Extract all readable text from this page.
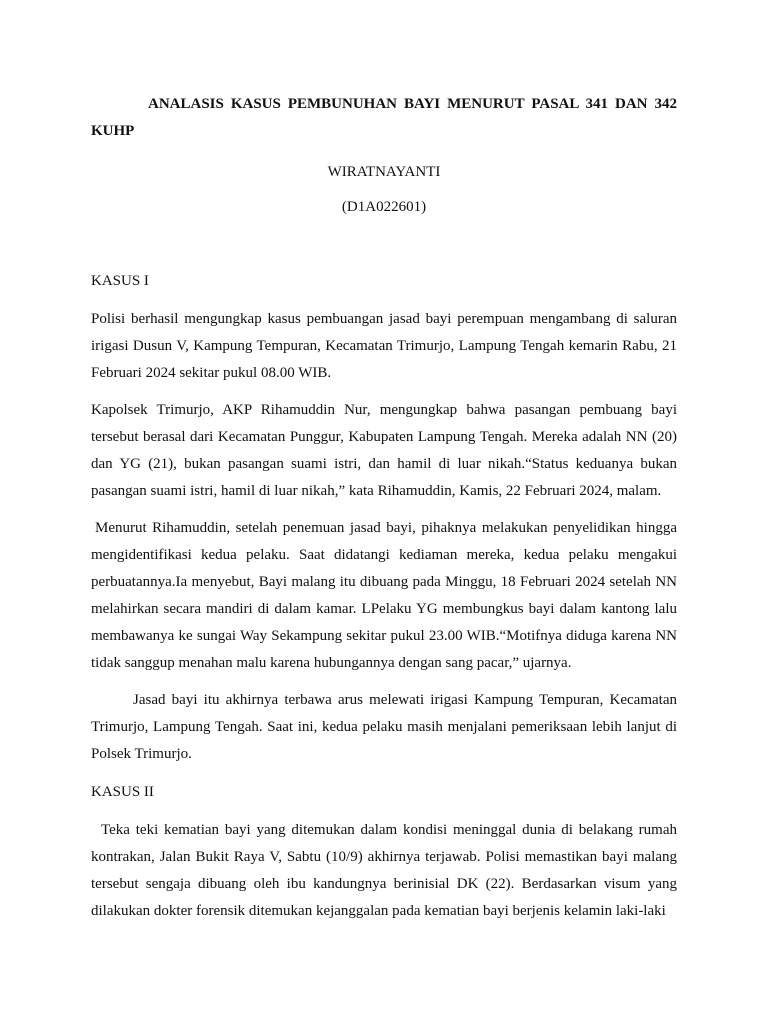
ANALASIS KASUS PEMBUNUHAN BAYI MENURUT PASAL 341 DAN 342 KUHP

WIRATNAYANTI

(D1A022601)

KASUS I

Polisi berhasil mengungkap kasus pembuangan jasad bayi perempuan mengambang di saluran irigasi Dusun V, Kampung Tempuran, Kecamatan Trimurjo, Lampung Tengah kemarin Rabu, 21 Februari 2024 sekitar pukul 08.00 WIB.

Kapolsek Trimurjo, AKP Rihamuddin Nur, mengungkap bahwa pasangan pembuang bayi tersebut berasal dari Kecamatan Punggur, Kabupaten Lampung Tengah. Mereka adalah NN (20) dan YG (21), bukan pasangan suami istri, dan hamil di luar nikah.“Status keduanya bukan pasangan suami istri, hamil di luar nikah,” kata Rihamuddin, Kamis, 22 Februari 2024, malam.

Menurut Rihamuddin, setelah penemuan jasad bayi, pihaknya melakukan penyelidikan hingga mengidentifikasi kedua pelaku. Saat didatangi kediaman mereka, kedua pelaku mengakui perbuatannya.Ia menyebut, Bayi malang itu dibuang pada Minggu, 18 Februari 2024 setelah NN melahirkan secara mandiri di dalam kamar. LPelaku YG membungkus bayi dalam kantong lalu membawanya ke sungai Way Sekampung sekitar pukul 23.00 WIB.“Motifnya diduga karena NN tidak sanggup menahan malu karena hubungannya dengan sang pacar,” ujarnya.

Jasad bayi itu akhirnya terbawa arus melewati irigasi Kampung Tempuran, Kecamatan Trimurjo, Lampung Tengah. Saat ini, kedua pelaku masih menjalani pemeriksaan lebih lanjut di Polsek Trimurjo.

KASUS II

Teka teki kematian bayi yang ditemukan dalam kondisi meninggal dunia di belakang rumah kontrakan, Jalan Bukit Raya V, Sabtu (10/9) akhirnya terjawab. Polisi memastikan bayi malang tersebut sengaja dibuang oleh ibu kandungnya berinisial DK (22). Berdasarkan visum yang dilakukan dokter forensik ditemukan kejanggalan pada kematian bayi berjenis kelamin laki-laki
